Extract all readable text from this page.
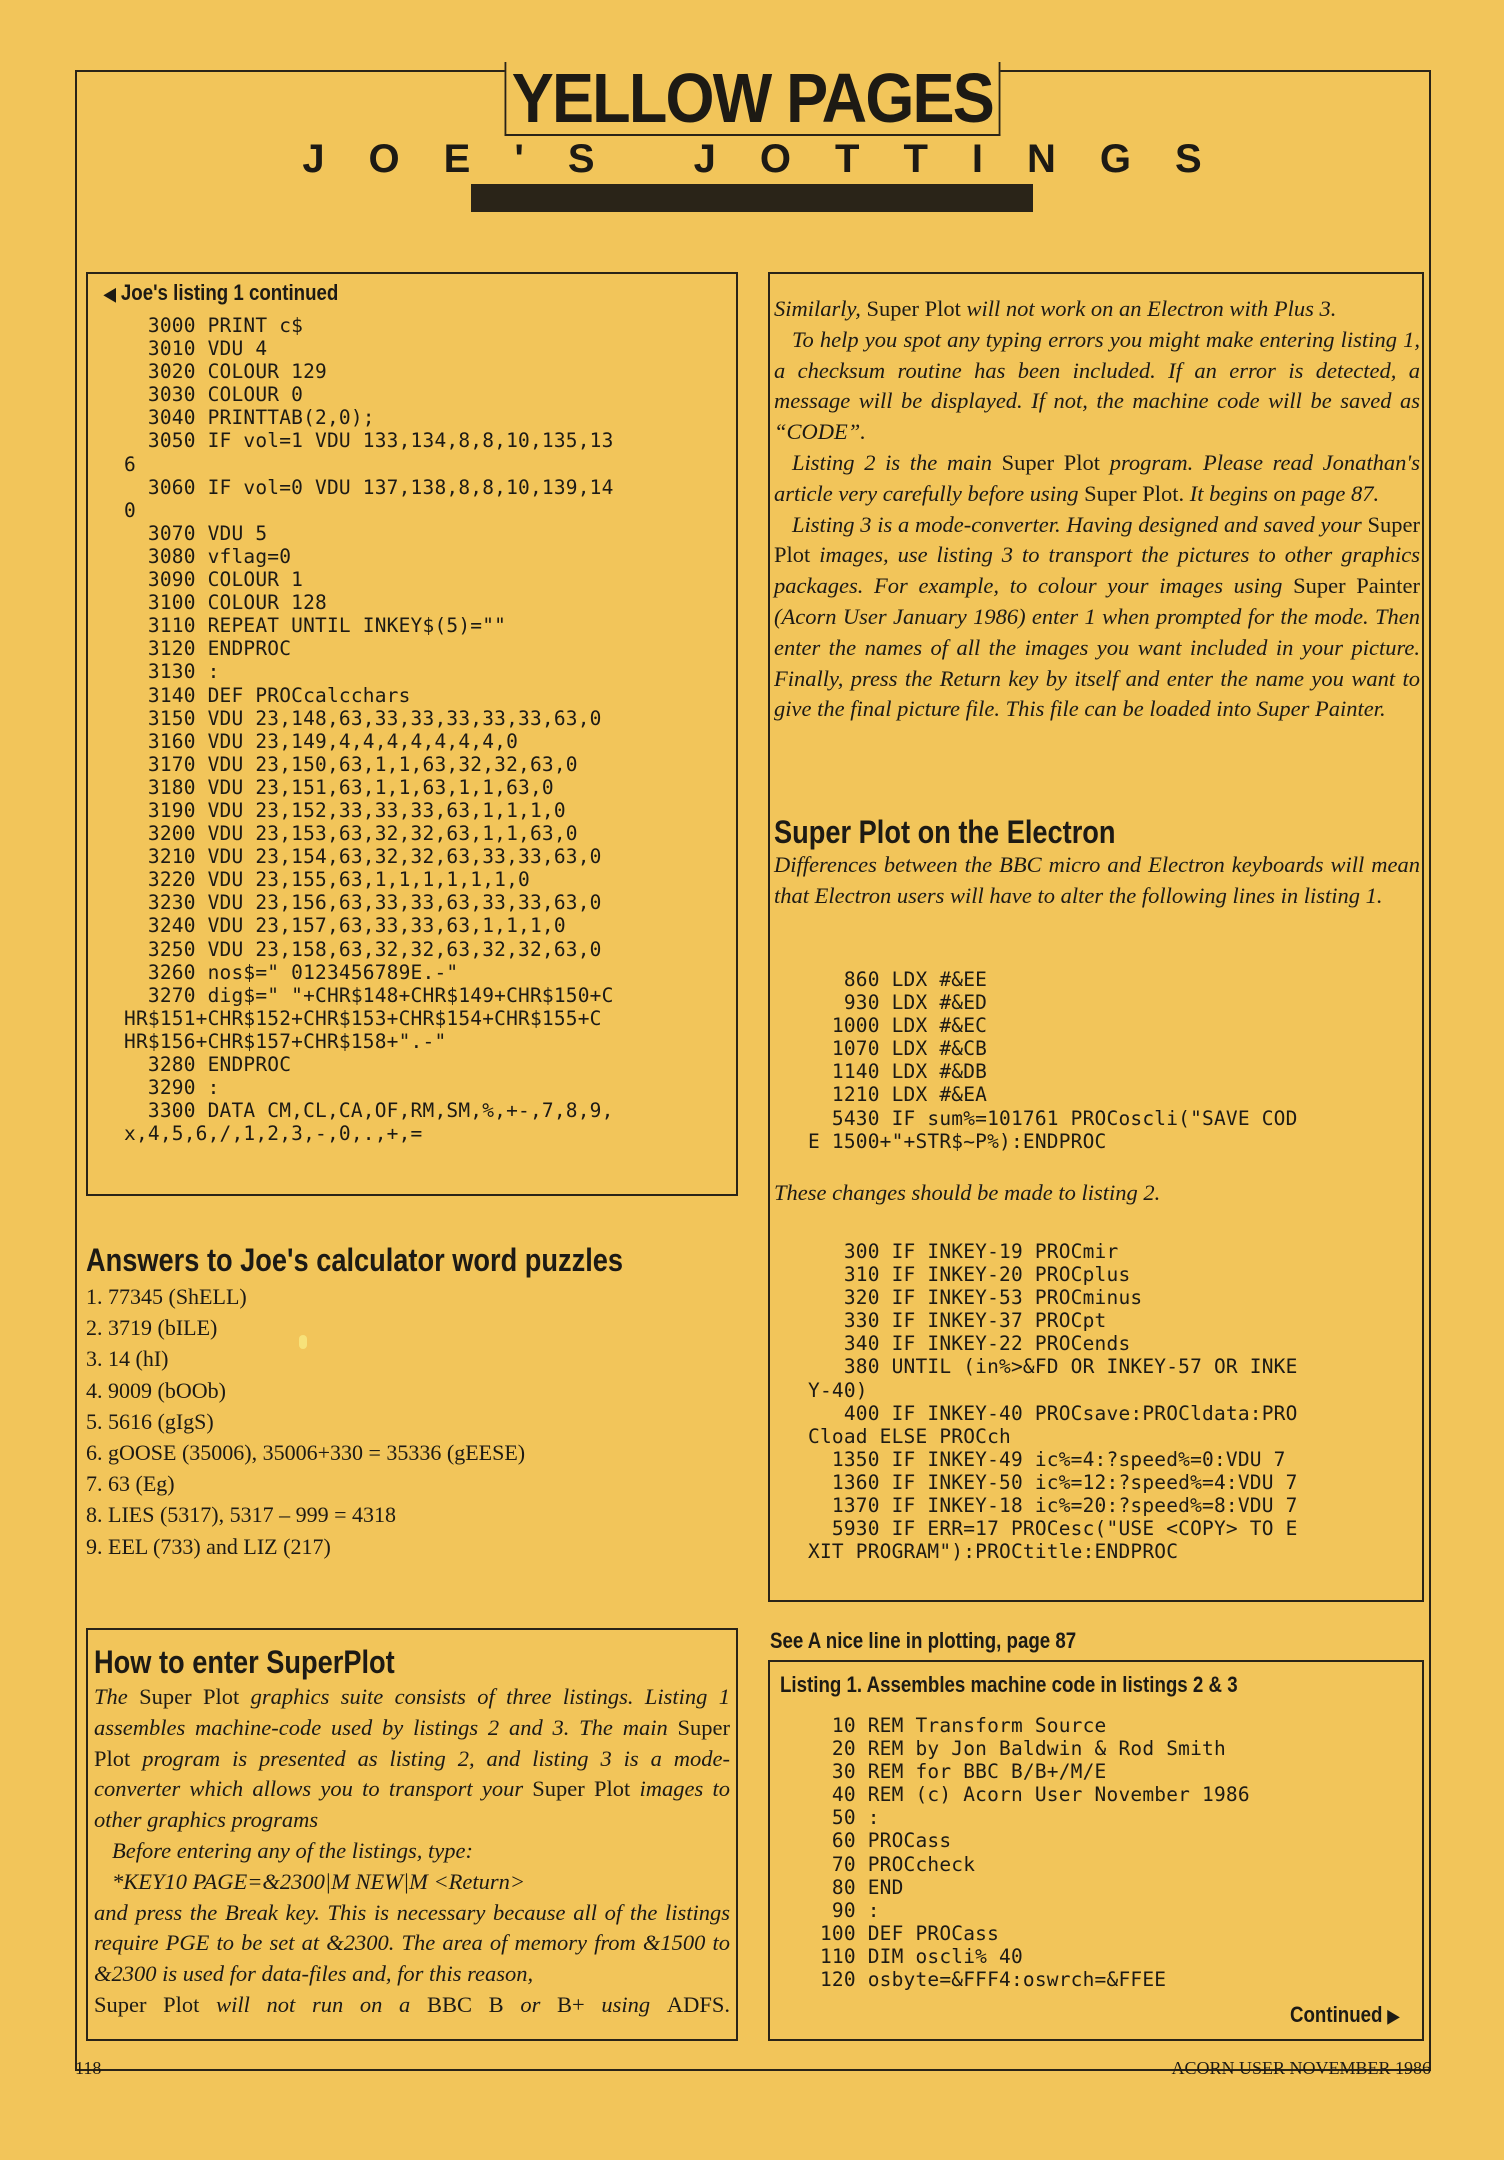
YELLOW PAGES
JOE'S JOTTINGS
◀ Joe's listing 1 continued
3000 PRINT c$
3010 VDU 4
3020 COLOUR 129
3030 COLOUR 0
3040 PRINTTAB(2,0);
3050 IF vol=1 VDU 133,134,8,8,10,135,13
6
3060 IF vol=0 VDU 137,138,8,8,10,139,14
0
3070 VDU 5
3080 vflag=0
3090 COLOUR 1
3100 COLOUR 128
3110 REPEAT UNTIL INKEY$(5)=""
3120 ENDPROC
3130 :
3140 DEF PROCcalcchars
3150 VDU 23,148,63,33,33,33,33,33,63,0
3160 VDU 23,149,4,4,4,4,4,4,4,0
3170 VDU 23,150,63,1,1,63,32,32,63,0
3180 VDU 23,151,63,1,1,63,1,1,63,0
3190 VDU 23,152,33,33,33,63,1,1,1,0
3200 VDU 23,153,63,32,32,63,1,1,63,0
3210 VDU 23,154,63,32,32,63,33,33,63,0
3220 VDU 23,155,63,1,1,1,1,1,1,0
3230 VDU 23,156,63,33,33,63,33,33,63,0
3240 VDU 23,157,63,33,33,63,1,1,1,0
3250 VDU 23,158,63,32,32,63,32,32,63,0
3260 nos$=" 0123456789E.-"
3270 dig$=" "+CHR$148+CHR$149+CHR$150+C
HR$151+CHR$152+CHR$153+CHR$154+CHR$155+C
HR$156+CHR$157+CHR$158+".-"
3280 ENDPROC
3290 :
3300 DATA CM,CL,CA,OF,RM,SM,%,+-,7,8,9,
x,4,5,6,/,1,2,3,-,0,.,+,=
Answers to Joe's calculator word puzzles
1. 77345 (ShELL)
2. 3719 (bILE)
3. 14 (hI)
4. 9009 (bOOb)
5. 5616 (gIgS)
6. gOOSE (35006), 35006+330 = 35336 (gEESE)
7. 63 (Eg)
8. LIES (5317), 5317 – 999 = 4318
9. EEL (733) and LIZ (217)
How to enter SuperPlot
The Super Plot graphics suite consists of three listings. Listing 1 assembles machine-code used by listings 2 and 3. The main Super Plot program is presented as listing 2, and listing 3 is a mode-converter which allows you to transport your Super Plot images to other graphics programs
Before entering any of the listings, type:
*KEY10 PAGE=&2300|M NEW|M <Return>
and press the Break key. This is necessary because all of the listings require PGE to be set at &2300. The area of memory from &1500 to &2300 is used for data-files and, for this reason,
Super Plot will not run on a BBC B or B+ using ADFS.
Similarly, Super Plot will not work on an Electron with Plus 3.
To help you spot any typing errors you might make entering listing 1, a checksum routine has been included. If an error is detected, a message will be displayed. If not, the machine code will be saved as “CODE”.
Listing 2 is the main Super Plot program. Please read Jonathan's article very carefully before using Super Plot. It begins on page 87.
Listing 3 is a mode-converter. Having designed and saved your Super Plot images, use listing 3 to transport the pictures to other graphics packages. For example, to colour your images using Super Painter (Acorn User January 1986) enter 1 when prompted for the mode. Then enter the names of all the images you want included in your picture. Finally, press the Return key by itself and enter the name you want to give the final picture file. This file can be loaded into Super Painter.
Super Plot on the Electron
Differences between the BBC micro and Electron keyboards will mean that Electron users will have to alter the following lines in listing 1.
860 LDX #&EE
930 LDX #&ED
1000 LDX #&EC
1070 LDX #&CB
1140 LDX #&DB
1210 LDX #&EA
5430 IF sum%=101761 PROCoscli("SAVE COD
E 1500+"+STR$~P%):ENDPROC
These changes should be made to listing 2.
300 IF INKEY-19 PROCmir
310 IF INKEY-20 PROCplus
320 IF INKEY-53 PROCminus
330 IF INKEY-37 PROCpt
340 IF INKEY-22 PROCends
380 UNTIL (in%>&FD OR INKEY-57 OR INKE
Y-40)
400 IF INKEY-40 PROCsave:PROCldata:PRO
Cload ELSE PROCch
1350 IF INKEY-49 ic%=4:?speed%=0:VDU 7
1360 IF INKEY-50 ic%=12:?speed%=4:VDU 7
1370 IF INKEY-18 ic%=20:?speed%=8:VDU 7
5930 IF ERR=17 PROCesc("USE <COPY> TO E
XIT PROGRAM"):PROCtitle:ENDPROC
See A nice line in plotting, page 87
Listing 1. Assembles machine code in listings 2 & 3
10 REM Transform Source
20 REM by Jon Baldwin & Rod Smith
30 REM for BBC B/B+/M/E
40 REM (c) Acorn User November 1986
50 :
60 PROCass
70 PROCcheck
80 END
90 :
100 DEF PROCass
110 DIM oscli% 40
120 osbyte=&FFF4:oswrch=&FFEE
Continued ▶
118	ACORN USER NOVEMBER 1986
